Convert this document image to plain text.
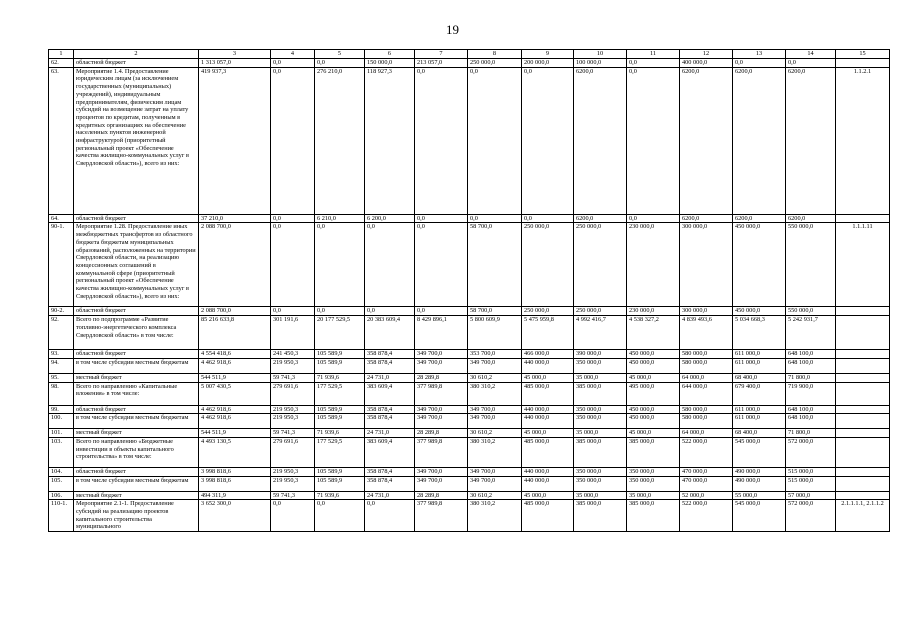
19
1	2	3	4	5	6	7	8	9	10	11	12	13	14	15
62.	областной бюджет	1 313 057,0	0,0	0,0	150 000,0	213 057,0	250 000,0	200 000,0	100 000,0	0,0	400 000,0	0,0	0,0	
63.	Мероприятие 1.4. Предоставление юридическим лицам (за исключением государственных (муниципальных) учреждений), индивидуальным предпринимателям, физическим лицам субсидий на возмещение затрат на уплату процентов по кредитам, полученным в кредитных организациях на обеспечение населенных пунктов инженерной инфраструктурой (приоритетный региональный проект «Обеспечение качества жилищно-коммунальных услуг в Свердловской области»), всего из них:	419 937,3	0,0	276 210,0	118 927,3	0,0	0,0	0,0	6200,0	0,0	6200,0	6200,0	6200,0	1.1.2.1
64.	областной бюджет	37 210,0	0,0	6 210,0	6 200,0	0,0	0,0	0,0	6200,0	0,0	6200,0	6200,0	6200,0	
90-1.	Мероприятие 1.28. Предоставление иных межбюджетных трансфертов из областного бюджета бюджетам муниципальных образований, расположенных на территории Свердловской области, на реализацию концессионных соглашений в коммунальной сфере (приоритетный региональный проект «Обеспечение качества жилищно-коммунальных услуг в Свердловской области»), всего из них:	2 088 700,0	0,0	0,0	0,0	0,0	58 700,0	250 000,0	250 000,0	230 000,0	300 000,0	450 000,0	550 000,0	1.1.1.11
90-2.	областной бюджет	2 088 700,0	0,0	0,0	0,0	0,0	58 700,0	250 000,0	250 000,0	230 000,0	300 000,0	450 000,0	550 000,0	
92.	Всего по подпрограмме «Развитие топливно-энергетического комплекса Свердловской области» в том числе:	85 216 633,8	301 191,6	20 177 529,5	20 383 609,4	8 429 896,1	5 800 609,9	5 475 959,8	4 992 416,7	4 538 327,2	4 839 493,6	5 034 668,3	5 242 931,7	
93.	областной бюджет	4 554 418,6	241 450,3	105 589,9	358 878,4	349 700,0	353 700,0	466 000,0	390 000,0	450 000,0	580 000,0	611 000,0	648 100,0	
94.	в том числе субсидии местным бюджетам	4 462 918,6	219 950,3	105 589,9	358 878,4	349 700,0	349 700,0	440 000,0	350 000,0	450 000,0	580 000,0	611 000,0	648 100,0	
95.	местный бюджет	544 511,9	59 741,3	71 939,6	24 731,0	28 289,8	30 610,2	45 000,0	35 000,0	45 000,0	64 000,0	68 400,0	71 800,0	
98.	Всего по направлению «Капитальные вложения» в том числе:	5 007 430,5	279 691,6	177 529,5	383 609,4	377 989,8	380 310,2	485 000,0	385 000,0	495 000,0	644 000,0	679 400,0	719 900,0	
99.	областной бюджет	4 462 918,6	219 950,3	105 589,9	358 878,4	349 700,0	349 700,0	440 000,0	350 000,0	450 000,0	580 000,0	611 000,0	648 100,0	
100.	в том числе субсидии местным бюджетам	4 462 918,6	219 950,3	105 589,9	358 878,4	349 700,0	349 700,0	440 000,0	350 000,0	450 000,0	580 000,0	611 000,0	648 100,0	
101.	местный бюджет	544 511,9	59 741,3	71 939,6	24 731,0	28 289,8	30 610,2	45 000,0	35 000,0	45 000,0	64 000,0	68 400,0	71 800,0	
103.	Всего по направлению «Бюджетные инвестиции в объекты капитального строительства» в том числе:	4 493 130,5	279 691,6	177 529,5	383 609,4	377 989,8	380 310,2	485 000,0	385 000,0	385 000,0	522 000,0	545 000,0	572 000,0	
104.	областной бюджет	3 998 818,6	219 950,3	105 589,9	358 878,4	349 700,0	349 700,0	440 000,0	350 000,0	350 000,0	470 000,0	490 000,0	515 000,0	
105.	в том числе субсидии местным бюджетам	3 998 818,6	219 950,3	105 589,9	358 878,4	349 700,0	349 700,0	440 000,0	350 000,0	350 000,0	470 000,0	490 000,0	515 000,0	
106.	местный бюджет	494 311,9	59 741,3	71 939,6	24 731,0	28 289,8	30 610,2	45 000,0	35 000,0	35 000,0	52 000,0	55 000,0	57 000,0	
110-1.	Мероприятие 2.1-1. Предоставление субсидий на реализацию проектов капитального строительства муниципального	3 652 300,0	0,0	0,0	0,0	377 989,8	380 310,2	485 000,0	385 000,0	385 000,0	522 000,0	545 000,0	572 000,0	2.1.1.1.1, 2.1.1.2
